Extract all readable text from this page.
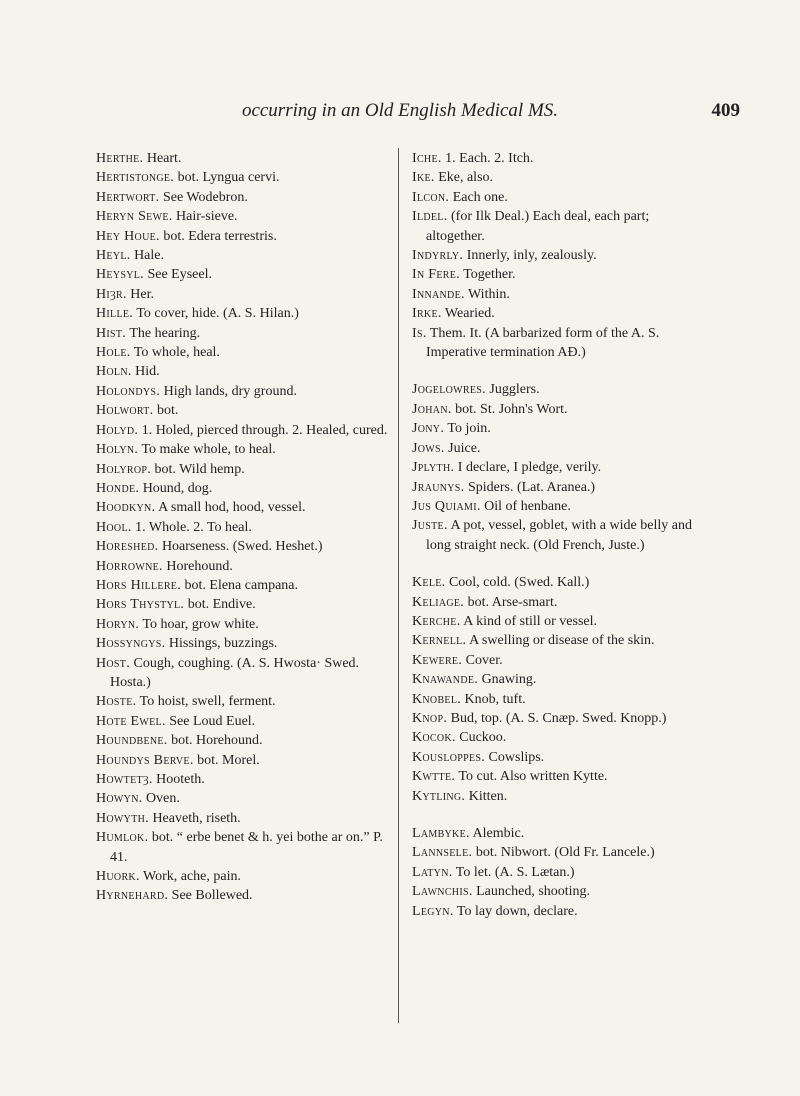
occurring in an Old English Medical MS.	409

Herthe. Heart.

Hertistonge. bot. Lyngua cervi.

Hertwort. See Wodebron.

Heryn Sewe. Hair-sieve.

Hey Houe. bot. Edera terrestris.

Heyl. Hale.

Heysyl. See Eyseel.

Hiȝr. Her.

Hille. To cover, hide. (A. S. Hilan.)

Hist. The hearing.

Hole. To whole, heal.

Holn. Hid.

Holondys. High lands, dry ground.

Holwort. bot.

Holyd. 1. Holed, pierced through. 2. Healed, cured.

Holyn. To make whole, to heal.

Holyrop. bot. Wild hemp.

Honde. Hound, dog.

Hoodkyn. A small hod, hood, vessel.

Hool. 1. Whole. 2. To heal.

Horeshed. Hoarseness. (Swed. Heshet.)

Horrowne. Horehound.

Hors Hillere. bot. Elena campana.

Hors Thystyl. bot. Endive.

Horyn. To hoar, grow white.

Hossyngys. Hissings, buzzings.

Host. Cough, coughing. (A. S. Hwosta· Swed. Hosta.)

Hoste. To hoist, swell, ferment.

Hote Ewel. See Loud Euel.

Houndbene. bot. Horehound.

Houndys Berve. bot. Morel.

Howtetȝ. Hooteth.

Howyn. Oven.

Howyth. Heaveth, riseth.

Humlok. bot. “ erbe benet & h. yei bothe ar on.” P. 41.

Huork. Work, ache, pain.

Hyrnehard. See Bollewed.

Iche. 1. Each. 2. Itch.

Ike. Eke, also.

Ilcon. Each one.

Ildel. (for Ilk Deal.) Each deal, each part; altogether.

Indyrly. Innerly, inly, zealously.

In Fere. Together.

Innande. Within.

Irke. Wearied.

Is. Them. It. (A barbarized form of the A. S. Imperative termination AÐ.)

Jogelowres. Jugglers.

Johan. bot. St. John's Wort.

Jony. To join.

Jows. Juice.

Jplyth. I declare, I pledge, verily.

Jraunys. Spiders. (Lat. Aranea.)

Jus Quiami. Oil of henbane.

Juste. A pot, vessel, goblet, with a wide belly and long straight neck. (Old French, Juste.)

Kele. Cool, cold. (Swed. Kall.)

Keliage. bot. Arse-smart.

Kerche. A kind of still or vessel.

Kernell. A swelling or disease of the skin.

Kewere. Cover.

Knawande. Gnawing.

Knobel. Knob, tuft.

Knop. Bud, top. (A. S. Cnæp. Swed. Knopp.)

Kocok. Cuckoo.

Kousloppes. Cowslips.

Kwtte. To cut. Also written Kytte.

Kytling. Kitten.

Lambyke. Alembic.

Lannsele. bot. Nibwort. (Old Fr. Lancele.)

Latyn. To let. (A. S. Lætan.)

Lawnchis. Launched, shooting.

Legyn. To lay down, declare.
